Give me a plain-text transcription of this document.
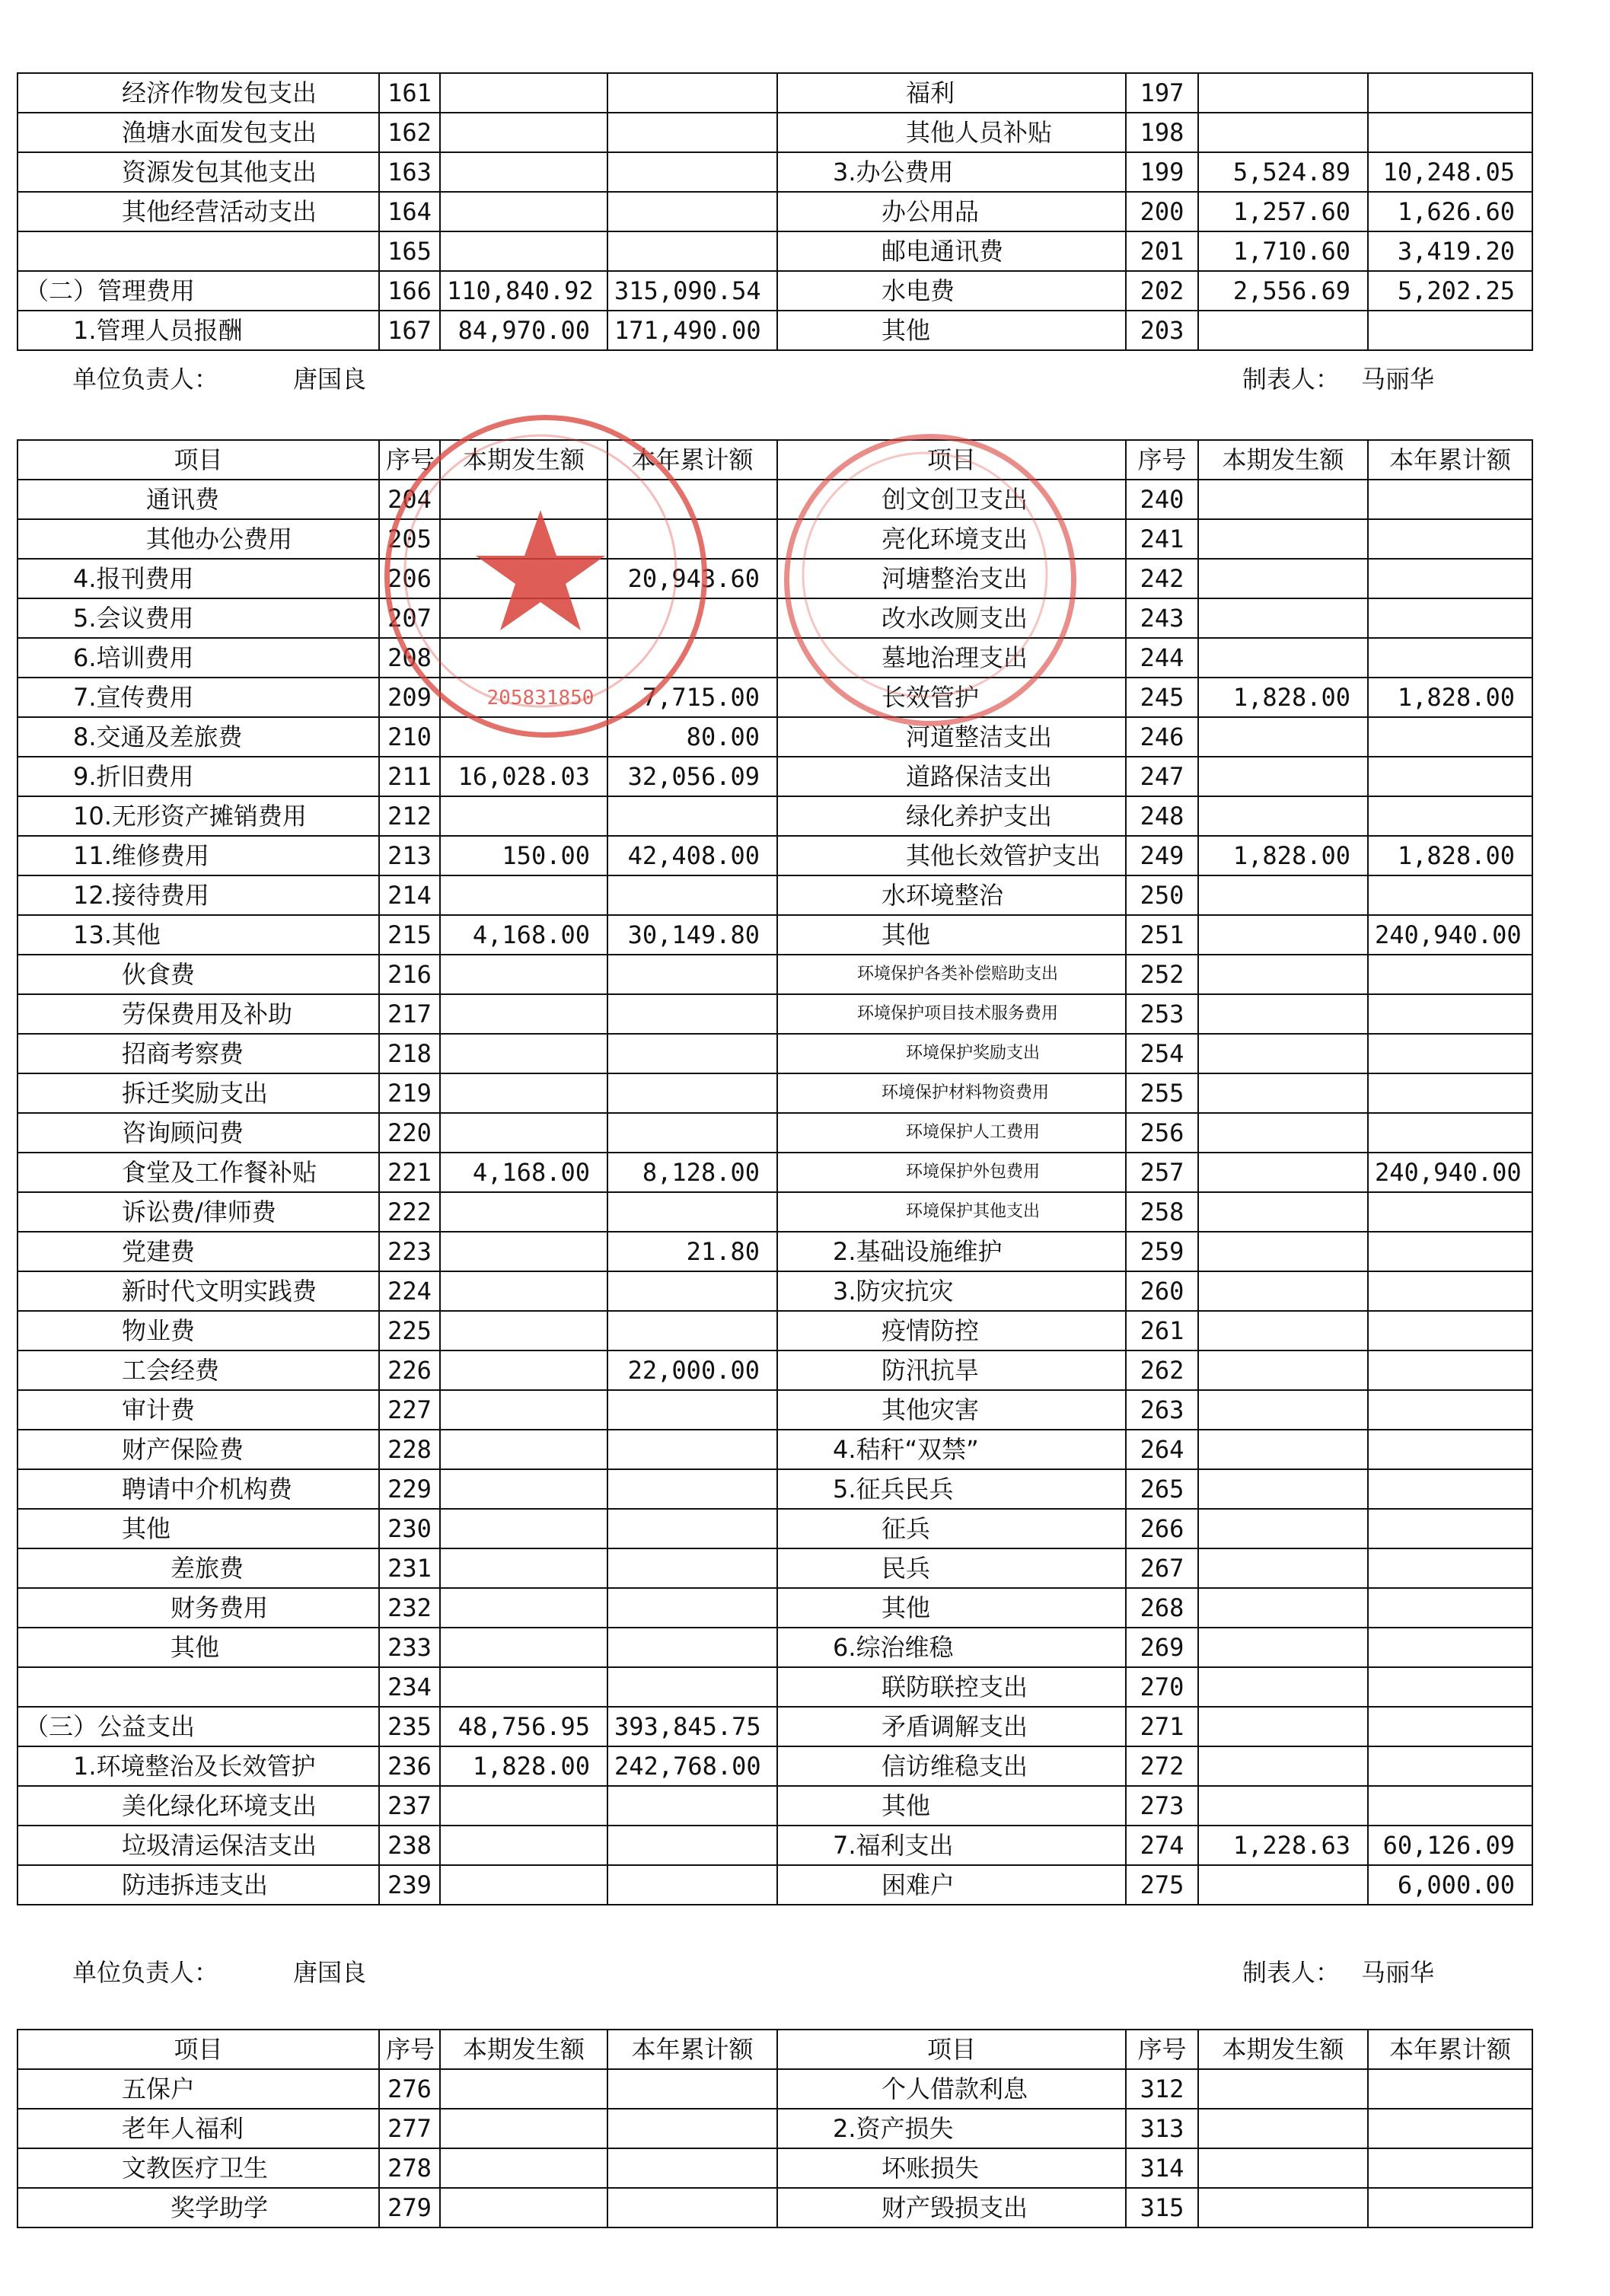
经济作物发包支出	161			福利	197		
渔塘水面发包支出	162			其他人员补贴	198		
资源发包其他支出	163			3.办公费用	199	5,524.89	10,248.05
其他经营活动支出	164			办公用品	200	1,257.60	1,626.60
	165			邮电通讯费	201	1,710.60	3,419.20
（二）管理费用	166	110,840.92	315,090.54	水电费	202	2,556.69	5,202.25
1.管理人员报酬	167	84,970.00	171,490.00	其他	203		
单位负责人：	唐国良	制表人： 马丽华
项目	序号	本期发生额	本年累计额	项目	序号	本期发生额	本年累计额
通讯费	204			创文创卫支出	240		
其他办公费用	205			亮化环境支出	241		
4.报刊费用	206		20,943.60	河塘整治支出	242		
5.会议费用	207			改水改厕支出	243		
6.培训费用	208			墓地治理支出	244		
7.宣传费用	209		7,715.00	长效管护	245	1,828.00	1,828.00
8.交通及差旅费	210		80.00	河道整洁支出	246		
9.折旧费用	211	16,028.03	32,056.09	道路保洁支出	247		
10.无形资产摊销费用	212			绿化养护支出	248		
11.维修费用	213	150.00	42,408.00	其他长效管护支出	249	1,828.00	1,828.00
12.接待费用	214			水环境整治	250		
13.其他	215	4,168.00	30,149.80	其他	251		240,940.00
伙食费	216			环境保护各类补偿赔助支出	252		
劳保费用及补助	217			环境保护项目技术服务费用	253		
招商考察费	218			环境保护奖励支出	254		
拆迁奖励支出	219			环境保护材料物资费用	255		
咨询顾问费	220			环境保护人工费用	256		
食堂及工作餐补贴	221	4,168.00	8,128.00	环境保护外包费用	257		240,940.00
诉讼费/律师费	222			环境保护其他支出	258		
党建费	223		21.80	2.基础设施维护	259		
新时代文明实践费	224			3.防灾抗灾	260		
物业费	225			疫情防控	261		
工会经费	226		22,000.00	防汛抗旱	262		
审计费	227			其他灾害	263		
财产保险费	228			4.秸秆“双禁”	264		
聘请中介机构费	229			5.征兵民兵	265		
其他	230			征兵	266		
差旅费	231			民兵	267		
财务费用	232			其他	268		
其他	233			6.综治维稳	269		
	234			联防联控支出	270		
（三）公益支出	235	48,756.95	393,845.75	矛盾调解支出	271		
1.环境整治及长效管护	236	1,828.00	242,768.00	信访维稳支出	272		
美化绿化环境支出	237			其他	273		
垃圾清运保洁支出	238			7.福利支出	274	1,228.63	60,126.09
防违拆违支出	239			困难户	275		6,000.00
单位负责人：	唐国良	制表人： 马丽华
项目	序号	本期发生额	本年累计额	项目	序号	本期发生额	本年累计额
五保户	276			个人借款利息	312		
老年人福利	277			2.资产损失	313		
文教医疗卫生	278			坏账损失	314		
奖学助学	279			财产毁损支出	315		
205831850
